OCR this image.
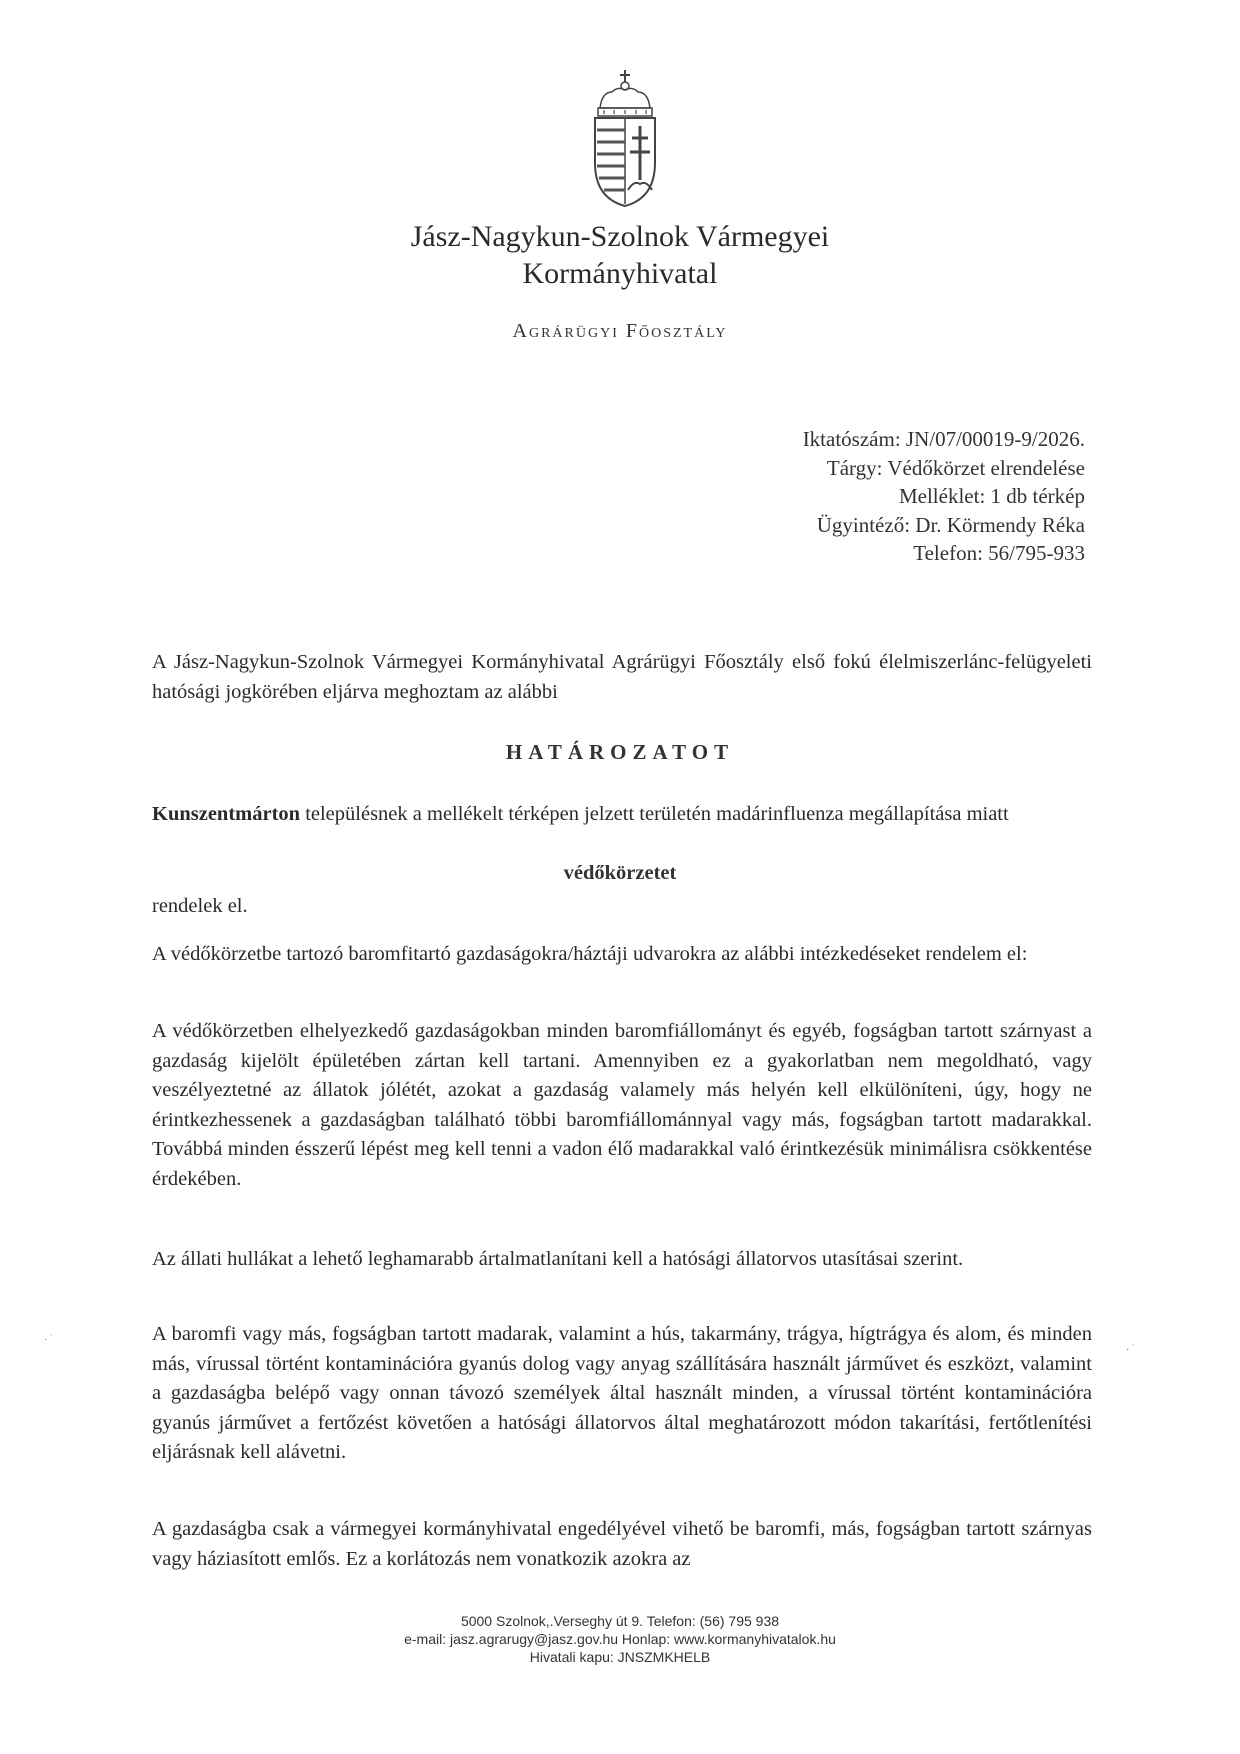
Jász-Nagykun-Szolnok Vármegyei
Kormányhivatal
Agrárügyi Főosztály
Iktatószám: JN/07/00019-9/2026.
Tárgy: Védőkörzet elrendelése
Melléklet: 1 db térkép
Ügyintéző: Dr. Körmendy Réka
Telefon: 56/795-933

A Jász-Nagykun-Szolnok Vármegyei Kormányhivatal Agrárügyi Főosztály első fokú élelmiszerlánc-felügyeleti hatósági jogkörében eljárva meghoztam az alábbi

HATÁROZATOT

Kunszentmárton településnek a mellékelt térképen jelzett területén madárinfluenza megállapítása miatt

védőkörzetet

rendelek el.

A védőkörzetbe tartozó baromfitartó gazdaságokra/háztáji udvarokra az alábbi intézkedéseket rendelem el:

A védőkörzetben elhelyezkedő gazdaságokban minden baromfiállományt és egyéb, fogságban tartott szárnyast a gazdaság kijelölt épületében zártan kell tartani. Amennyiben ez a gyakorlatban nem megoldható, vagy veszélyeztetné az állatok jólétét, azokat a gazdaság valamely más helyén kell elkülöníteni, úgy, hogy ne érintkezhessenek a gazdaságban található többi baromfiállománnyal vagy más, fogságban tartott madarakkal. Továbbá minden ésszerű lépést meg kell tenni a vadon élő madarakkal való érintkezésük minimálisra csökkentése érdekében.

Az állati hullákat a lehető leghamarabb ártalmatlanítani kell a hatósági állatorvos utasításai szerint.

A baromfi vagy más, fogságban tartott madarak, valamint a hús, takarmány, trágya, hígtrágya és alom, és minden más, vírussal történt kontaminációra gyanús dolog vagy anyag szállítására használt járművet és eszközt, valamint a gazdaságba belépő vagy onnan távozó személyek által használt minden, a vírussal történt kontaminációra gyanús járművet a fertőzést követően a hatósági állatorvos által meghatározott módon takarítási, fertőtlenítési eljárásnak kell alávetni.

A gazdaságba csak a vármegyei kormányhivatal engedélyével vihető be baromfi, más, fogságban tartott szárnyas vagy háziasított emlős. Ez a korlátozás nem vonatkozik azokra az

5000 Szolnok,.Verseghy út 9. Telefon: (56) 795 938
e-mail: jasz.agrarugy@jasz.gov.hu Honlap: www.kormanyhivatalok.hu
Hivatali kapu: JNSZMKHELB
· ˙
· ˙
